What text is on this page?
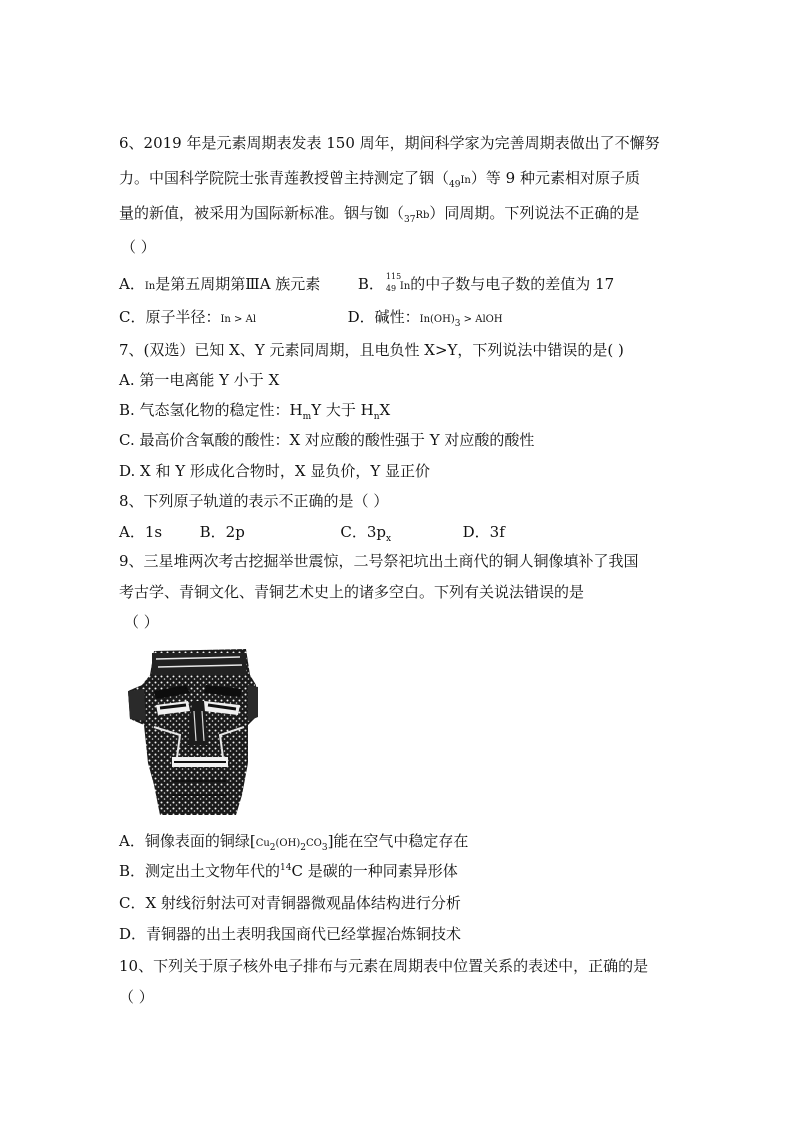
6、2019 年是元素周期表发表 150 周年，期间科学家为完善周期表做出了不懈努
力。中国科学院院士张青莲教授曾主持测定了铟$(_{49}In)$等 9 种元素相对原子质
量的新值，被采用为国际新标准。铟与铷$(_{37}Rb)$同周期。下列说法不正确的是
（ ）
A．In是第五周期第ⅢA 族元素	B． 115
49 In的中子数与电子数的差值为 17
C．原子半径：In > Al	D．碱性：$In(OH)_3$ > AlOH
7、(双选）已知 X、Y 元素同周期，且电负性 X>Y，下列说法中错误的是( )
A. 第一电离能 Y 小于 X
B. 气态氢化物的稳定性：$H_mY$ 大于 $H_nX$
C. 最高价含氧酸的酸性：X 对应酸的酸性强于 Y 对应酸的酸性
D. X 和 Y 形成化合物时，X 显负价，Y 显正价
8、下列原子轨道的表示不正确的是（ ）
A．1s	B．2p	C．$3p_x$	D．3f
9、三星堆两次考古挖掘举世震惊，二号祭祀坑出土商代的铜人铜像填补了我国
考古学、青铜文化、青铜艺术史上的诸多空白。下列有关说法错误的是
（ ）
A．铜像表面的铜绿$[Cu_2(OH)_2CO_3]$能在空气中稳定存在
B．测定出土文物年代的$^{14}$C 是碳的一种同素异形体
C．X 射线衍射法可对青铜器微观晶体结构进行分析
D．青铜器的出土表明我国商代已经掌握冶炼铜技术
10、下列关于原子核外电子排布与元素在周期表中位置关系的表述中，正确的是
（ ）
